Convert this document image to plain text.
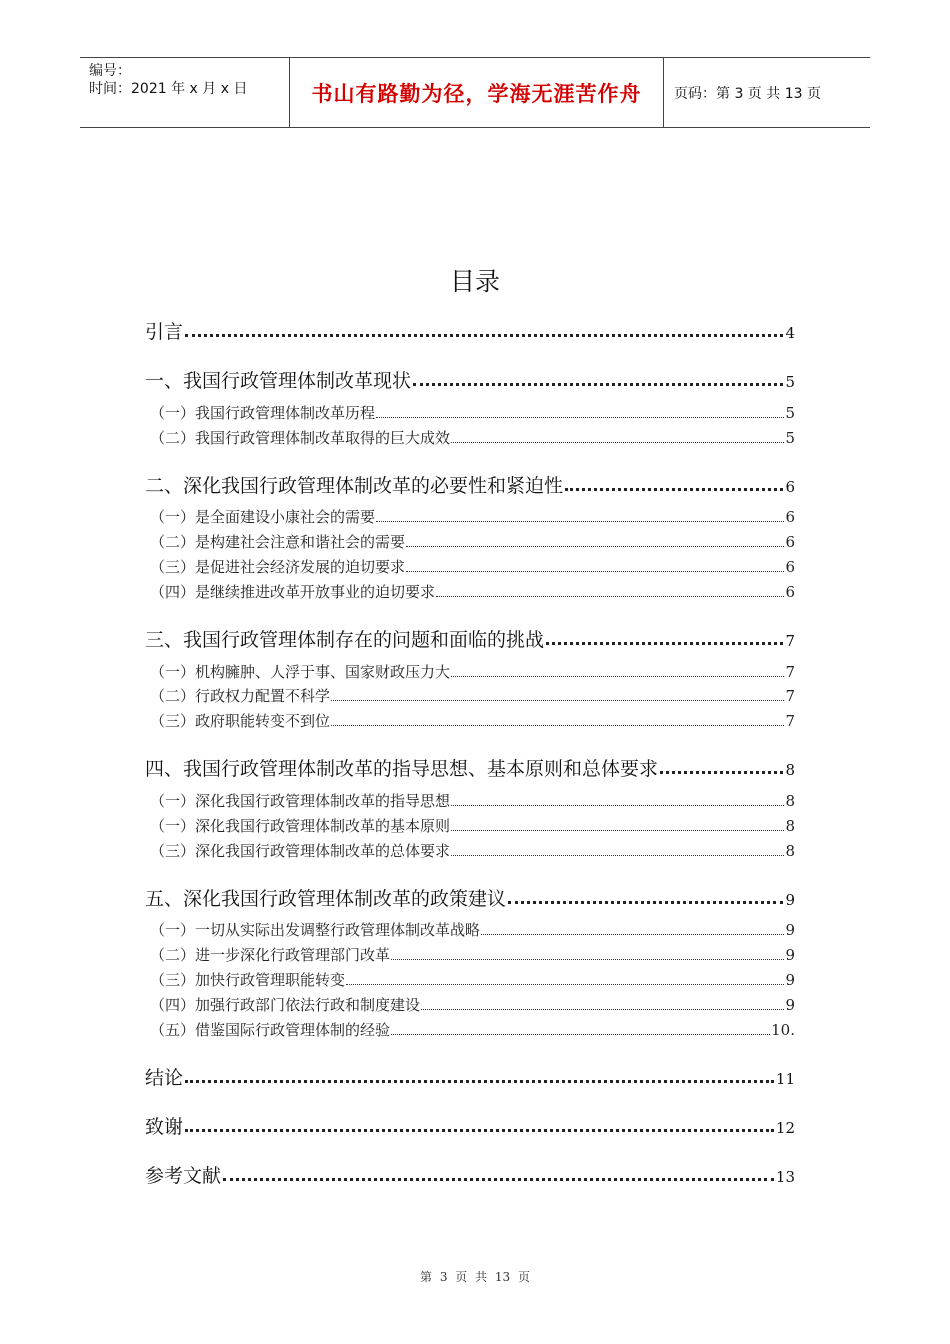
编号：
时间：2021 年 x 月 x 日	书山有路勤为径，学海无涯苦作舟	页码：第 3 页 共 13 页
目录
引言	4
一、我国行政管理体制改革现状	5
（一）我国行政管理体制改革历程	5
（二）我国行政管理体制改革取得的巨大成效	5
二、深化我国行政管理体制改革的必要性和紧迫性	6
（一）是全面建设小康社会的需要	6
（二）是构建社会注意和谐社会的需要	6
（三）是促进社会经济发展的迫切要求	6
（四）是继续推进改革开放事业的迫切要求	6
三、我国行政管理体制存在的问题和面临的挑战	7
（一）机构臃肿、人浮于事、国家财政压力大	7
（二）行政权力配置不科学	7
（三）政府职能转变不到位	7
四、我国行政管理体制改革的指导思想、基本原则和总体要求	8
（一）深化我国行政管理体制改革的指导思想	8
（一）深化我国行政管理体制改革的基本原则	8
（三）深化我国行政管理体制改革的总体要求	8
五、深化我国行政管理体制改革的政策建议	9
（一）一切从实际出发调整行政管理体制改革战略	9
（二）进一步深化行政管理部门改革	9
（三）加快行政管理职能转变	9
（四）加强行政部门依法行政和制度建设	9
（五）借鉴国际行政管理体制的经验	10.
结论	11
致谢	12
参考文献	13
第 3 页 共 13 页
